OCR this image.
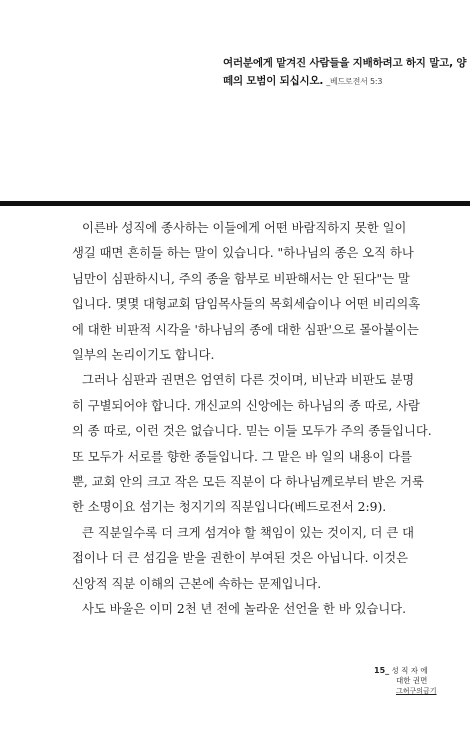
여러분에게 맡겨진 사람들을 지배하려고 하지 말고, 양
떼의 모범이 되십시오. _베드로전서 5:3
이른바 성직에 종사하는 이들에게 어떤 바람직하지 못한 일이
생길 때면 흔히들 하는 말이 있습니다. "하나님의 종은 오직 하나
님만이 심판하시니, 주의 종을 함부로 비판해서는 안 된다"는 말
입니다. 몇몇 대형교회 담임목사들의 목회세습이나 어떤 비리의혹
에 대한 비판적 시각을 '하나님의 종에 대한 심판'으로 몰아붙이는
일부의 논리이기도 합니다.
그러나 심판과 권면은 엄연히 다른 것이며, 비난과 비판도 분명
히 구별되어야 합니다. 개신교의 신앙에는 하나님의 종 따로, 사람
의 종 따로, 이런 것은 없습니다. 믿는 이들 모두가 주의 종들입니다.
또 모두가 서로를 향한 종들입니다. 그 맡은 바 일의 내용이 다를
뿐, 교회 안의 크고 작은 모든 직분이 다 하나님께로부터 받은 거룩
한 소명이요 섬기는 청지기의 직분입니다(베드로전서 2:9).
큰 직분일수록 더 크게 섬겨야 할 책임이 있는 것이지, 더 큰 대
접이나 더 큰 섬김을 받을 권한이 부여된 것은 아닙니다. 이것은
신앙적 직분 이해의 근본에 속하는 문제입니다.
사도 바울은 이미 2천 년 전에 놀라운 선언을 한 바 있습니다.
15_ 성 직 자 에
대한 권면
그허구의금기
